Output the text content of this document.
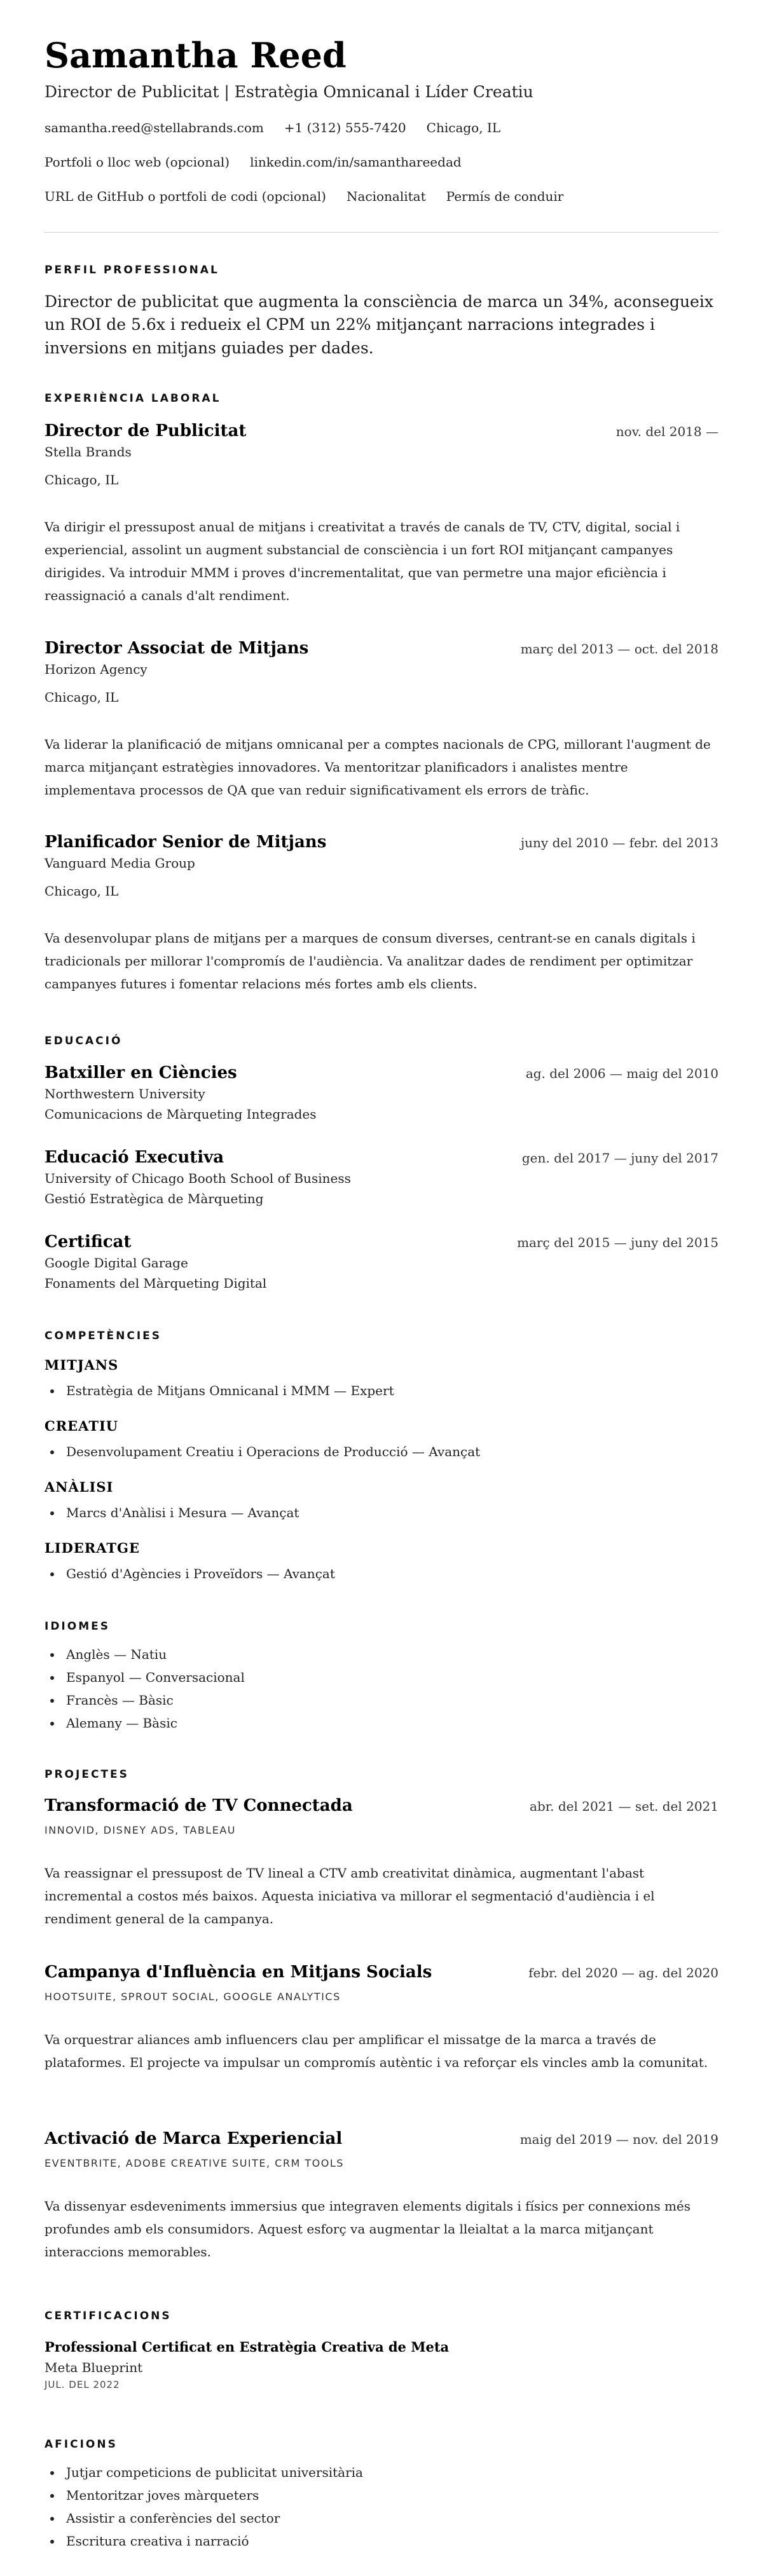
Samantha Reed
Director de Publicitat | Estratègia Omnicanal i Líder Creatiu
samantha.reed@stellabrands.com +1 (312) 555-7420 Chicago, IL
Portfoli o lloc web (opcional) linkedin.com/in/samanthareedad
URL de GitHub o portfoli de codi (opcional) Nacionalitat Permís de conduir
PERFIL PROFESSIONAL
Director de publicitat que augmenta la consciència de marca un 34%, aconsegueix un ROI de 5.6x i redueix el CPM un 22% mitjançant narracions integrades i inversions en mitjans guiades per dades.
EXPERIÈNCIA LABORAL
Director de Publicitat	nov. del 2018 —
Stella Brands
Chicago, IL
Va dirigir el pressupost anual de mitjans i creativitat a través de canals de TV, CTV, digital, social i experiencial, assolint un augment substancial de consciència i un fort ROI mitjançant campanyes dirigides. Va introduir MMM i proves d'incrementalitat, que van permetre una major eficiència i reassignació a canals d'alt rendiment.
Director Associat de Mitjans	març del 2013 — oct. del 2018
Horizon Agency
Chicago, IL
Va liderar la planificació de mitjans omnicanal per a comptes nacionals de CPG, millorant l'augment de marca mitjançant estratègies innovadores. Va mentoritzar planificadors i analistes mentre implementava processos de QA que van reduir significativament els errors de tràfic.
Planificador Senior de Mitjans	juny del 2010 — febr. del 2013
Vanguard Media Group
Chicago, IL
Va desenvolupar plans de mitjans per a marques de consum diverses, centrant-se en canals digitals i tradicionals per millorar l'compromís de l'audiència. Va analitzar dades de rendiment per optimitzar campanyes futures i fomentar relacions més fortes amb els clients.
EDUCACIÓ
Batxiller en Ciències	ag. del 2006 — maig del 2010
Northwestern University
Comunicacions de Màrqueting Integrades
Educació Executiva	gen. del 2017 — juny del 2017
University of Chicago Booth School of Business
Gestió Estratègica de Màrqueting
Certificat	març del 2015 — juny del 2015
Google Digital Garage
Fonaments del Màrqueting Digital
COMPETÈNCIES
MITJANS
• Estratègia de Mitjans Omnicanal i MMM — Expert
CREATIU
• Desenvolupament Creatiu i Operacions de Producció — Avançat
ANÀLISI
• Marcs d'Anàlisi i Mesura — Avançat
LIDERATGE
• Gestió d'Agències i Proveïdors — Avançat
IDIOMES
• Anglès — Natiu
• Espanyol — Conversacional
• Francès — Bàsic
• Alemany — Bàsic
PROJECTES
Transformació de TV Connectada	abr. del 2021 — set. del 2021
INNOVID, DISNEY ADS, TABLEAU
Va reassignar el pressupost de TV lineal a CTV amb creativitat dinàmica, augmentant l'abast incremental a costos més baixos. Aquesta iniciativa va millorar el segmentació d'audiència i el rendiment general de la campanya.
Campanya d'Influència en Mitjans Socials	febr. del 2020 — ag. del 2020
HOOTSUITE, SPROUT SOCIAL, GOOGLE ANALYTICS
Va orquestrar aliances amb influencers clau per amplificar el missatge de la marca a través de plataformes. El projecte va impulsar un compromís autèntic i va reforçar els vincles amb la comunitat.
Activació de Marca Experiencial	maig del 2019 — nov. del 2019
EVENTBRITE, ADOBE CREATIVE SUITE, CRM TOOLS
Va dissenyar esdeveniments immersius que integraven elements digitals i físics per connexions més profundes amb els consumidors. Aquest esforç va augmentar la lleialtat a la marca mitjançant interaccions memorables.
CERTIFICACIONS
Professional Certificat en Estratègia Creativa de Meta
Meta Blueprint
JUL. DEL 2022
AFICIONS
• Jutjar competicions de publicitat universitària
• Mentoritzar joves màrqueters
• Assistir a conferències del sector
• Escritura creativa i narració
